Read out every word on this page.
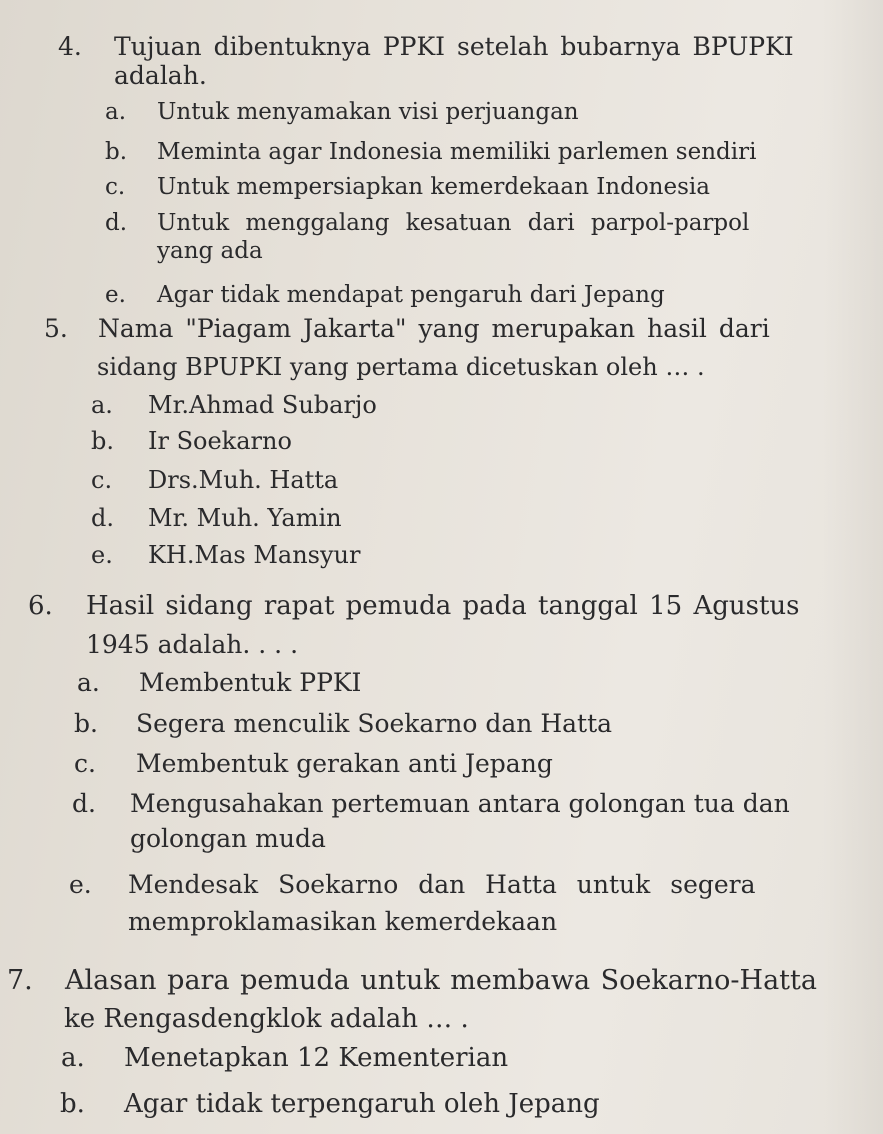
4. Tujuan dibentuknya PPKI setelah bubarnya BPUPKI
adalah.
a. Untuk menyamakan visi perjuangan
b. Meminta agar Indonesia memiliki parlemen sendiri
c. Untuk mempersiapkan kemerdekaan Indonesia
d. Untuk menggalang kesatuan dari parpol-parpol
yang ada
e. Agar tidak mendapat pengaruh dari Jepang
5. Nama "Piagam Jakarta" yang merupakan hasil dari
sidang BPUPKI yang pertama dicetuskan oleh … .
a. Mr.Ahmad Subarjo
b. Ir Soekarno
c. Drs.Muh. Hatta
d. Mr. Muh. Yamin
e. KH.Mas Mansyur
6. Hasil sidang rapat pemuda pada tanggal 15 Agustus
1945 adalah. . . .
a. Membentuk PPKI
b. Segera menculik Soekarno dan Hatta
c. Membentuk gerakan anti Jepang
d. Mengusahakan pertemuan antara golongan tua dan
golongan muda
e. Mendesak Soekarno dan Hatta untuk segera
memproklamasikan kemerdekaan
7. Alasan para pemuda untuk membawa Soekarno-Hatta
ke Rengasdengklok adalah … .
a. Menetapkan 12 Kementerian
b. Agar tidak terpengaruh oleh Jepang
